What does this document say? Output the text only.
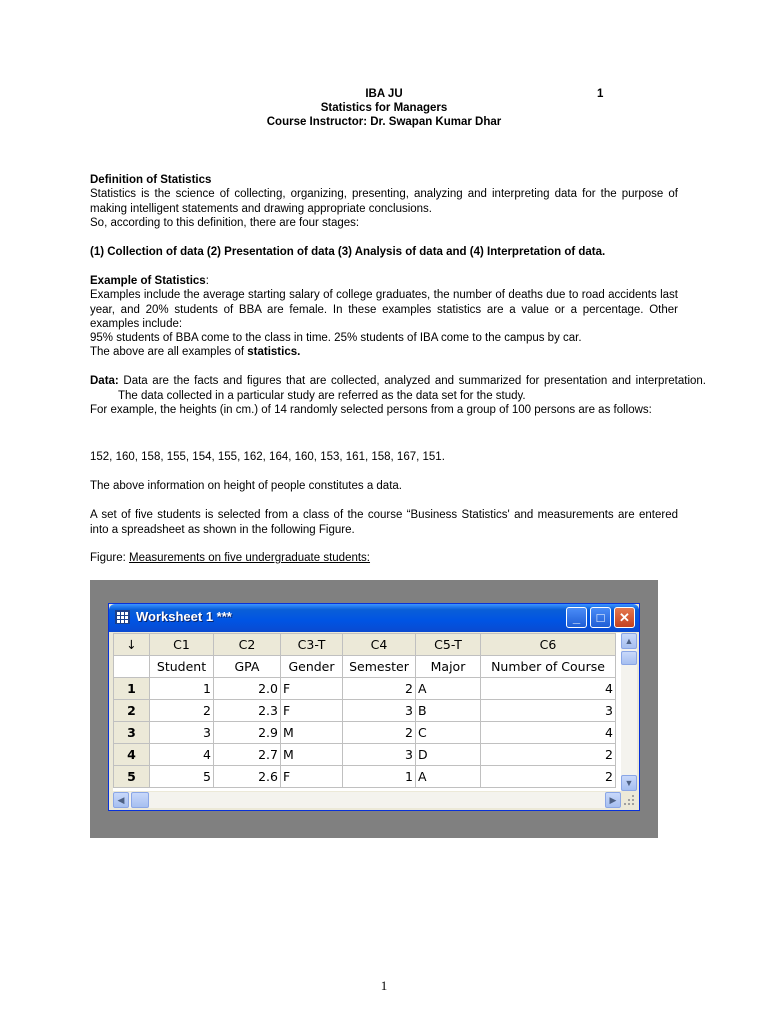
IBA JU	1
Statistics for Managers
Course Instructor: Dr. Swapan Kumar Dhar
Definition of Statistics
Statistics is the science of collecting, organizing, presenting, analyzing and interpreting data for the purpose of making intelligent statements and drawing appropriate conclusions.
So, according to this definition, there are four stages:
(1) Collection of data (2) Presentation of data (3) Analysis of data and (4) Interpretation of data.
Example of Statistics:
Examples include the average starting salary of college graduates, the number of deaths due to road accidents last year, and 20% students of BBA are female. In these examples statistics are a value or a percentage. Other examples include:
95% students of BBA come to the class in time. 25% students of IBA come to the campus by car.
The above are all examples of statistics.
Data: Data are the facts and figures that are collected, analyzed and summarized for presentation and interpretation. The data collected in a particular study are referred as the data set for the study.
For example, the heights (in cm.) of 14 randomly selected persons from a group of 100 persons are as follows:
152, 160, 158, 155, 154, 155, 162, 164, 160, 153, 161, 158, 167, 151.
The above information on height of people constitutes a data.
A set of five students is selected from a class of the course “Business Statistics' and measurements are entered into a spreadsheet as shown in the following Figure.
Figure: Measurements on five undergraduate students:
Worksheet 1 ***	_	□	✕
↓	C1	C2	C3-T	C4	C5-T	C6
	Student	GPA	Gender	Semester	Major	Number of Course
1	1	2.0	F	2	A	4
2	2	2.3	F	3	B	3
3	3	2.9	M	2	C	4
4	4	2.7	M	3	D	2
5	5	2.6	F	1	A	2
▲
▼
◀	▶
1
